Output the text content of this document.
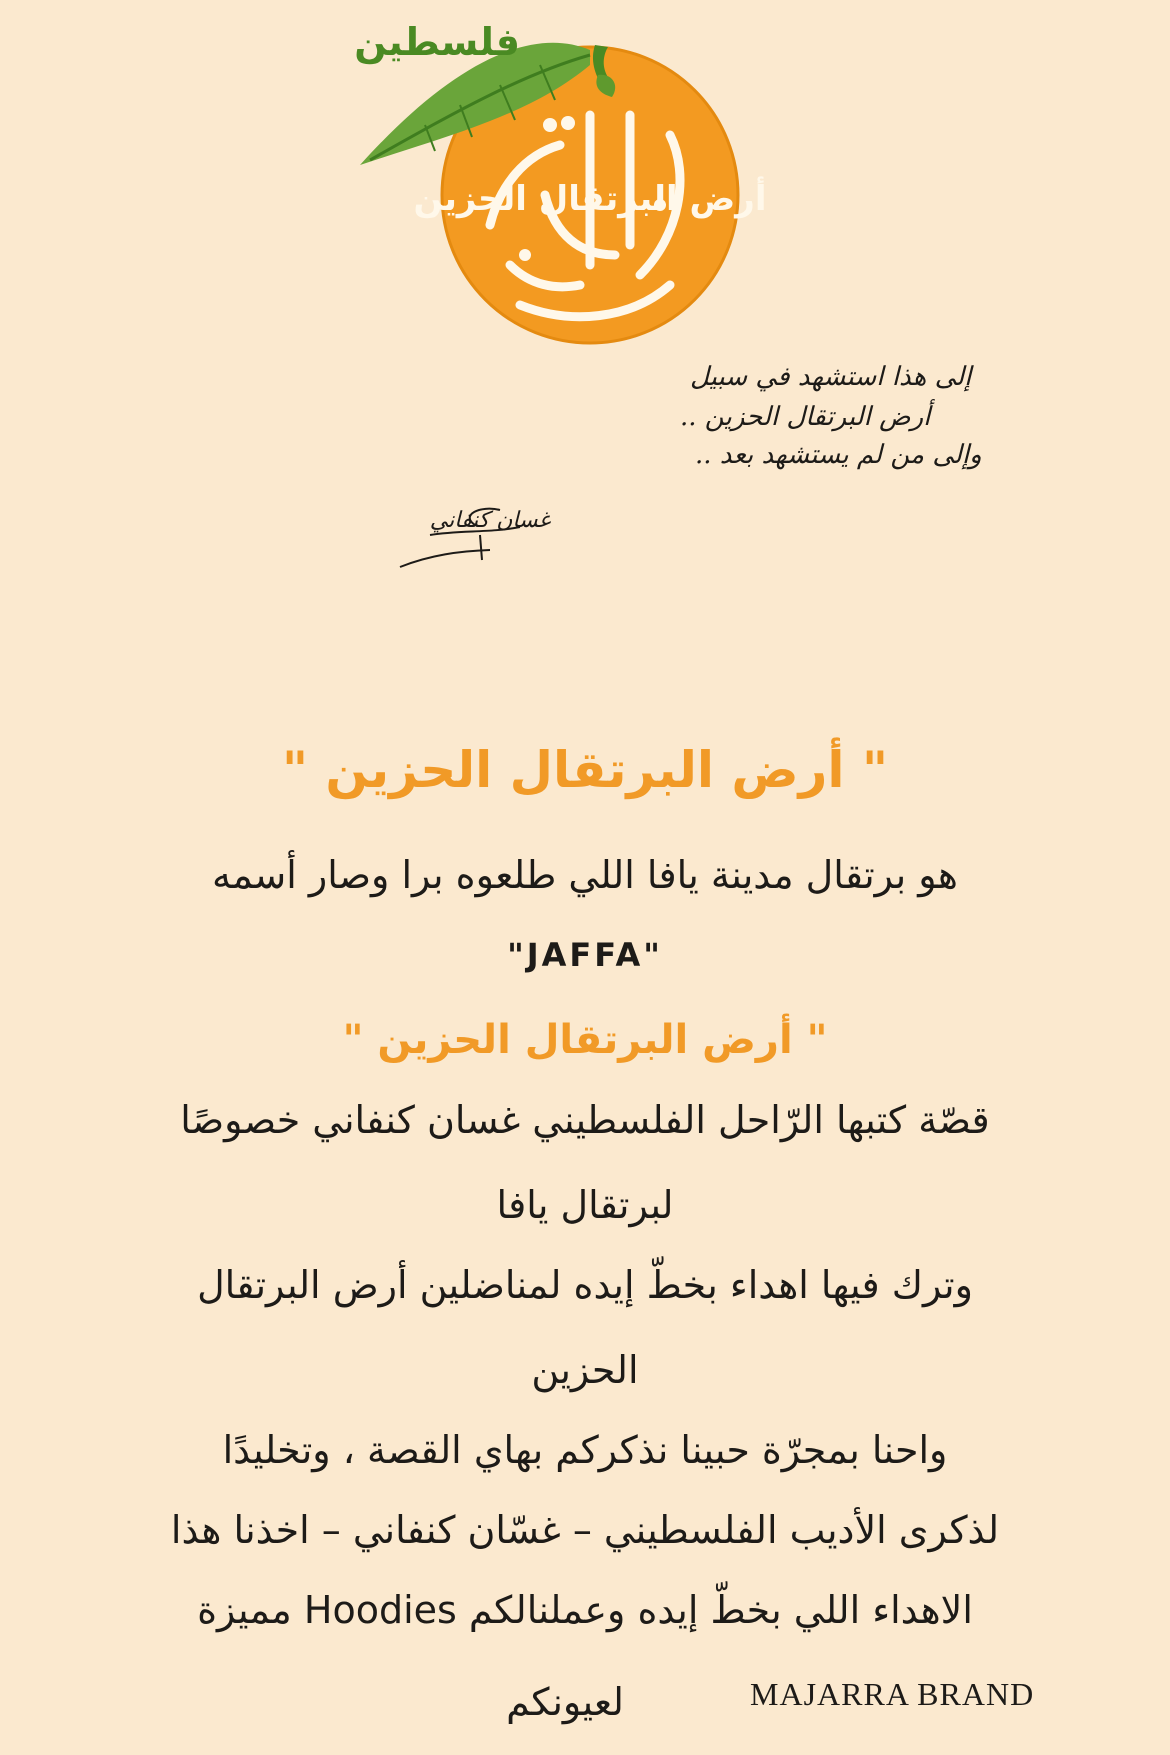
فلسطين
أرض البرتقال الحزين
إلى هذا استشهد في سبيل
أرض البرتقال الحزين ..
وإلى من لم يستشهد بعد ..
غسان كنفاني
" أرض البرتقال الحزين "
هو برتقال مدينة يافا اللي طلعوه برا وصار أسمه
"JAFFA"
" أرض البرتقال الحزين "
قصّة كتبها الرّاحل الفلسطيني غسان كنفاني خصوصًا
لبرتقال يافا
وترك فيها اهداء بخطّ إيده لمناضلين أرض البرتقال
الحزين
واحنا بمجرّة حبينا نذكركم بهاي القصة ، وتخليدًا
لذكرى الأديب الفلسطيني – غسّان كنفاني – اخذنا هذا
الاهداء اللي بخطّ إيده وعملنالكم Hoodies مميزة
لعيونكم	MAJARRA BRAND
